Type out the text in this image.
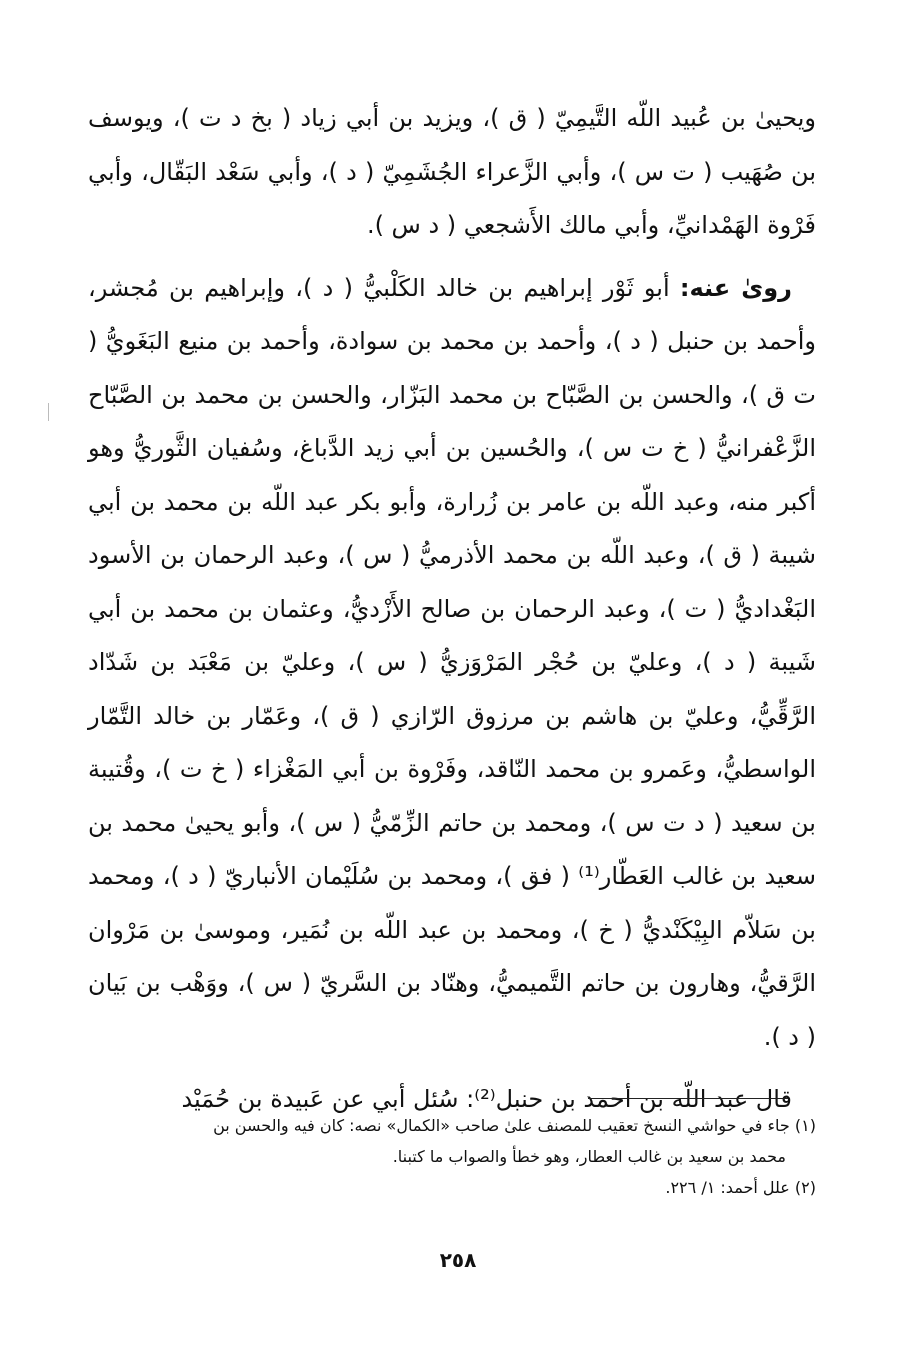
ويحيىٰ بن عُبيد اللّه التَّيمِيّ ( ق )، ويزيد بن أبي زياد ( بخ د ت )، ويوسف بن صُهَيب ( ت س )، وأبي الزَّعراء الجُشَمِيّ ( د )، وأبي سَعْد البَقّال، وأبي فَرْوة الهَمْدانيِّ، وأبي مالك الأَشجعي ( د س ).

روىٰ عنه: أبو ثَوْر إبراهيم بن خالد الكَلْبيُّ ( د )، وإبراهيم بن مُجشر، وأحمد بن حنبل ( د )، وأحمد بن محمد بن سوادة، وأحمد بن منيع البَغَويُّ ( ت ق )، والحسن بن الصَّبّاح بن محمد البَزّار، والحسن بن محمد بن الصَّبّاح الزَّعْفرانيُّ ( خ ت س )، والحُسين بن أبي زيد الدَّباغ، وسُفيان الثَّوريُّ وهو أكبر منه، وعبد اللّه بن عامر بن زُرارة، وأبو بكر عبد اللّه بن محمد بن أبي شيبة ( ق )، وعبد اللّه بن محمد الأذرميُّ ( س )، وعبد الرحمان بن الأسود البَغْداديُّ ( ت )، وعبد الرحمان بن صالح الأَزْديُّ، وعثمان بن محمد بن أبي شَيبة ( د )، وعليّ بن حُجْر المَرْوَزيُّ ( س )، وعليّ بن مَعْبَد بن شَدّاد الرَّقِّيُّ، وعليّ بن هاشم بن مرزوق الرّازي ( ق )، وعَمّار بن خالد التَّمّار الواسطيُّ، وعَمرو بن محمد النّاقد، وفَرْوة بن أبي المَغْزاء ( خ ت )، وقُتيبة بن سعيد ( د ت س )، ومحمد بن حاتم الزِّمّيُّ ( س )، وأبو يحيىٰ محمد بن سعيد بن غالب العَطّار⁽¹⁾ ( فق )، ومحمد بن سُلَيْمان الأنباريّ ( د )، ومحمد بن سَلاّم البِيْكَنْديُّ ( خ )، ومحمد بن عبد اللّه بن نُمَير، وموسىٰ بن مَرْوان الرَّقيُّ، وهارون بن حاتم التَّميميُّ، وهنّاد بن السَّريّ ( س )، ووَهْب بن بَيان ( د ).

قال عبد اللّه بن أحمد بن حنبل⁽²⁾: سُئل أبي عن عَبيدة بن حُمَيْد

(١) جاء في حواشي النسخ تعقيب للمصنف علىٰ صاحب «الكمال» نصه: كان فيه والحسن بن

محمد بن سعيد بن غالب العطار، وهو خطأ والصواب ما كتبنا.

(٢) علل أحمد: ١/ ٢٢٦.

٢٥٨
